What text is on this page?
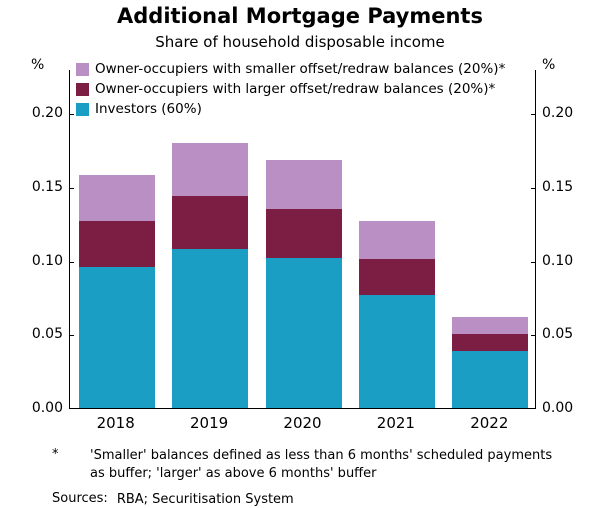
Additional Mortgage Payments
Share of household disposable income
%	%
Owner-occupiers with smaller offset/redraw balances (20%)*
Owner-occupiers with larger offset/redraw balances (20%)*
Investors (60%)
0.00	0.00
0.05	0.05
0.10	0.10
0.15	0.15
0.20	0.20
2018	2019	2020	2021	2022
*	'Smaller' balances defined as less than 6 months' scheduled payments
as buffer; 'larger' as above 6 months' buffer
Sources: RBA; Securitisation System
